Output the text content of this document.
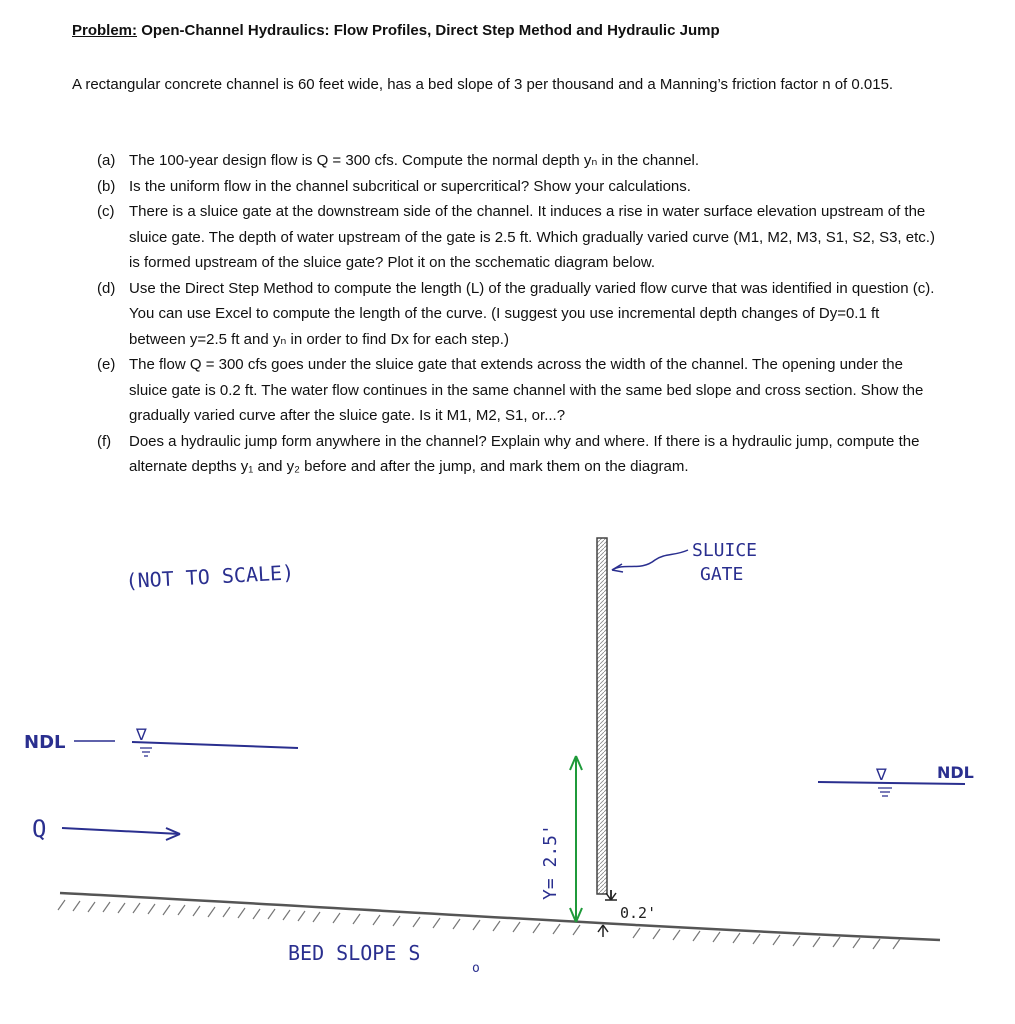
Problem: Open-Channel Hydraulics: Flow Profiles, Direct Step Method and Hydraulic Jump
A rectangular concrete channel is 60 feet wide, has a bed slope of 3 per thousand and a Manning’s friction factor n of 0.015.
(a) The 100-year design flow is Q = 300 cfs. Compute the normal depth yₙ in the channel.
(b) Is the uniform flow in the channel subcritical or supercritical? Show your calculations.
(c) There is a sluice gate at the downstream side of the channel. It induces a rise in water surface elevation upstream of the sluice gate. The depth of water upstream of the gate is 2.5 ft. Which gradually varied curve (M1, M2, M3, S1, S2, S3, etc.) is formed upstream of the sluice gate? Plot it on the scchematic diagram below.
(d) Use the Direct Step Method to compute the length (L) of the gradually varied flow curve that was identified in question (c). You can use Excel to compute the length of the curve. (I suggest you use incremental depth changes of Dy=0.1 ft between y=2.5 ft and yₙ in order to find Dx for each step.)
(e) The flow Q = 300 cfs goes under the sluice gate that extends across the width of the channel. The opening under the sluice gate is 0.2 ft. The water flow continues in the same channel with the same bed slope and cross section. Show the gradually varied curve after the sluice gate. Is it M1, M2, S1, or...?
(f) Does a hydraulic jump form anywhere in the channel? Explain why and where. If there is a hydraulic jump, compute the alternate depths y₁ and y₂ before and after the jump, and mark them on the diagram.
(NOT TO SCALE)
SLUICE
GATE
NDL	∇
∇	NDL
Q	Y= 2.5'
0.2'
BED SLOPE S
o
